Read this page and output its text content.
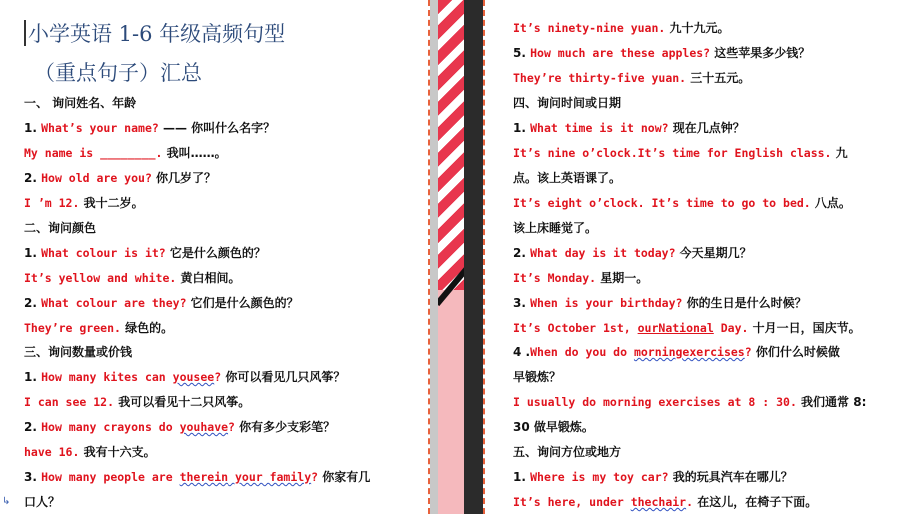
小学英语 1-6 年级高频句型
（重点句子）汇总
一、 询问姓名、年龄
1. What’s your name? —— 你叫什么名字？
My name is ________. 我叫……。
2. How old are you? 你几岁了？
I ’m 12. 我十二岁。
二、询问颜色
1. What colour is it? 它是什么颜色的？
It’s yellow and white. 黄白相间。
2. What colour are they? 它们是什么颜色的？
They’re green. 绿色的。
三、询问数量或价钱
1. How many kites can yousee? 你可以看见几只风筝？
I can see 12. 我可以看见十二只风筝。
2. How many crayons do youhave? 你有多少支彩笔？
have 16. 我有十六支。
3. How many people are therein your family? 你家有几
口人？
↳
It’s ninety-nine yuan. 九十九元。
5. How much are these apples? 这些苹果多少钱？
They’re thirty-five yuan. 三十五元。
四、询问时间或日期
1. What time is it now? 现在几点钟？
It’s nine o’clock.It’s time for English class. 九
点。该上英语课了。
It’s eight o’clock. It’s time to go to bed. 八点。
该上床睡觉了。
2. What day is it today? 今天星期几？
It’s Monday. 星期一。
3. When is your birthday? 你的生日是什么时候？
It’s October 1st, ourNational Day. 十月一日，国庆节。
4 .When do you do morningexercises? 你们什么时候做
早锻炼？
I usually do morning exercises at 8 : 30. 我们通常 8:
30 做早锻炼。
五、询问方位或地方
1. Where is my toy car? 我的玩具汽车在哪儿？
It’s here, under thechair. 在这儿，在椅子下面。
